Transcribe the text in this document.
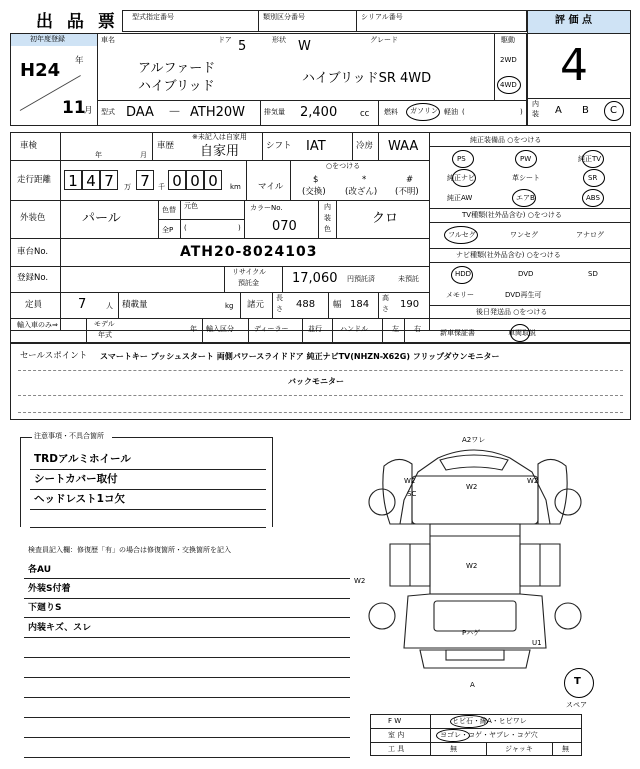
出 品 票 型式指定番号	類別区分番号	シリアル番号	評 価 点
4
内
装 A B C
初年度登録
H24 年
11
月
車名
アルファード
ハイブリッド
ドア 5	形状 W	グレード
ハイブリッドSR 4WD
駆動
2WD
4WD
型式 DAA － ATH20W	排気量 2,400	cc 燃料 ガソリン 軽油 (	)
車検
年	月
車歴
※未記入は自家用
自家用	シフト IAT	冷房 WAA
走行距離 1 4 7	万 7	千 0 0 0	km マイル
○をつける
$
(交換)
*
(改ざん)
#
(不明)
外装色	パール
色替
全P
元色
(	)
カラーNo.
070
内
装
色
クロ
車台No.	ATH20-8024103
登録No.
リサイクル
預託金	17,060 円預託済	未預託
定員	7	人 積載量	kg 諸元
長
さ 488 幅 184
高
さ 190
輸入車のみ⇒	モデル
年式
年 輸入区分	ディーラー	並行	ハンドル	左 右
純正装備品 ○をつける
PS	PW	純正TV
純正ナビ	革シート	SR
純正AW	エアB	ABS
TV種類(社外品含む) ○をつける
フルセグ	ワンセグ	アナログ
ナビ種類(社外品含む) ○をつける
HDD	DVD	SD
メモリー	DVD再生可
後日発送品 ○をつける
新車保証書	車両取説
セールスポイント スマートキー プッシュスタート 両側パワースライドドア 純正ナビTV(NHZN-X62G) フリップダウンモニター
バックモニター
注意事項・不具合箇所
TRDアルミホイール
シートカバー取付
ヘッドレスト1コ欠
検査員記入欄：修復歴「有」の場合は修復箇所・交換箇所を記入
各AU
外装S付着
下廻りS
内装キズ、スレ
A2ワレ
W2
SC
W2
W2
W2
W2
Pハゲ
U1
A	T
スペア
F W	ヒビ石・線A・ヒビワレ
室 内	ヨゴレ・コゲ・ヤブレ・コゲ穴
工 具	無	ジャッキ	無
